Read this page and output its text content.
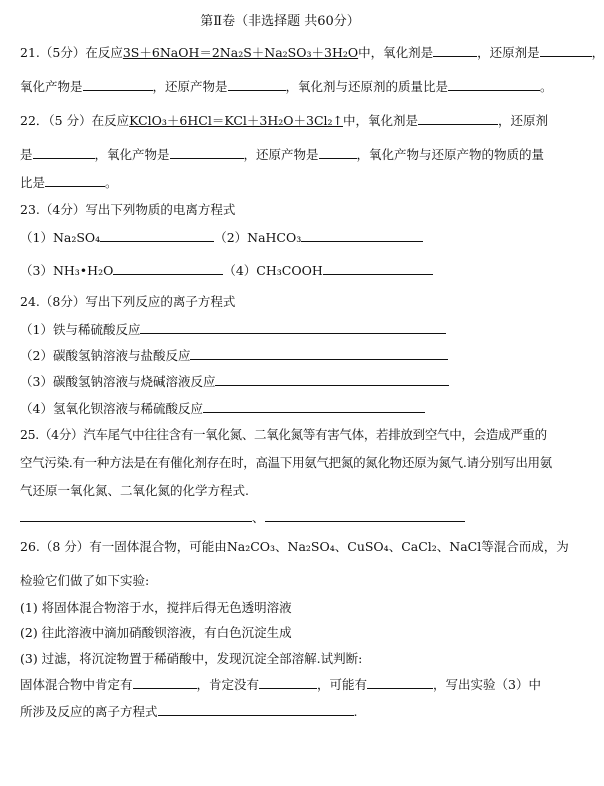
第Ⅱ卷（非选择题 共60分）
21.（5分）在反应3S＋6NaOH＝2Na₂S＋Na₂SO₃＋3H₂O中，氧化剂是	，还原剂是	，
氧化产物是	，还原产物是	，氧化剂与还原剂的质量比是	。
22．（5 分）在反应KClO₃＋6HCl＝KCl＋3H₂O＋3Cl₂↑中，氧化剂是	，还原剂
是	，氧化产物是	，还原产物是	，氧化产物与还原产物的物质的量
比是	。
23.（4分）写出下列物质的电离方程式
（1）Na₂SO₄	（2）NaHCO₃
（3）NH₃•H₂O	（4）CH₃COOH
24.（8分）写出下列反应的离子方程式
（1）铁与稀硫酸反应
（2）碳酸氢钠溶液与盐酸反应
（3）碳酸氢钠溶液与烧碱溶液反应
（4）氢氧化钡溶液与稀硫酸反应
25.（4分）汽车尾气中往往含有一氧化氮、二氧化氮等有害气体，若排放到空气中，会造成严重的
空气污染.有一种方法是在有催化剂存在时，高温下用氨气把氮的氮化物还原为氮气.请分别写出用氨
气还原一氧化氮、二氧化氮的化学方程式.
、
26.（8 分）有一固体混合物，可能由Na₂CO₃、Na₂SO₄、CuSO₄、CaCl₂、NaCl等混合而成，为
检验它们做了如下实验:
(1) 将固体混合物溶于水，搅拌后得无色透明溶液
(2) 往此溶液中滴加硝酸钡溶液，有白色沉淀生成
(3) 过滤，将沉淀物置于稀硝酸中，发现沉淀全部溶解.试判断:
固体混合物中肯定有	，肯定没有	，可能有	，写出实验（3）中
所涉及反应的离子方程式	.
